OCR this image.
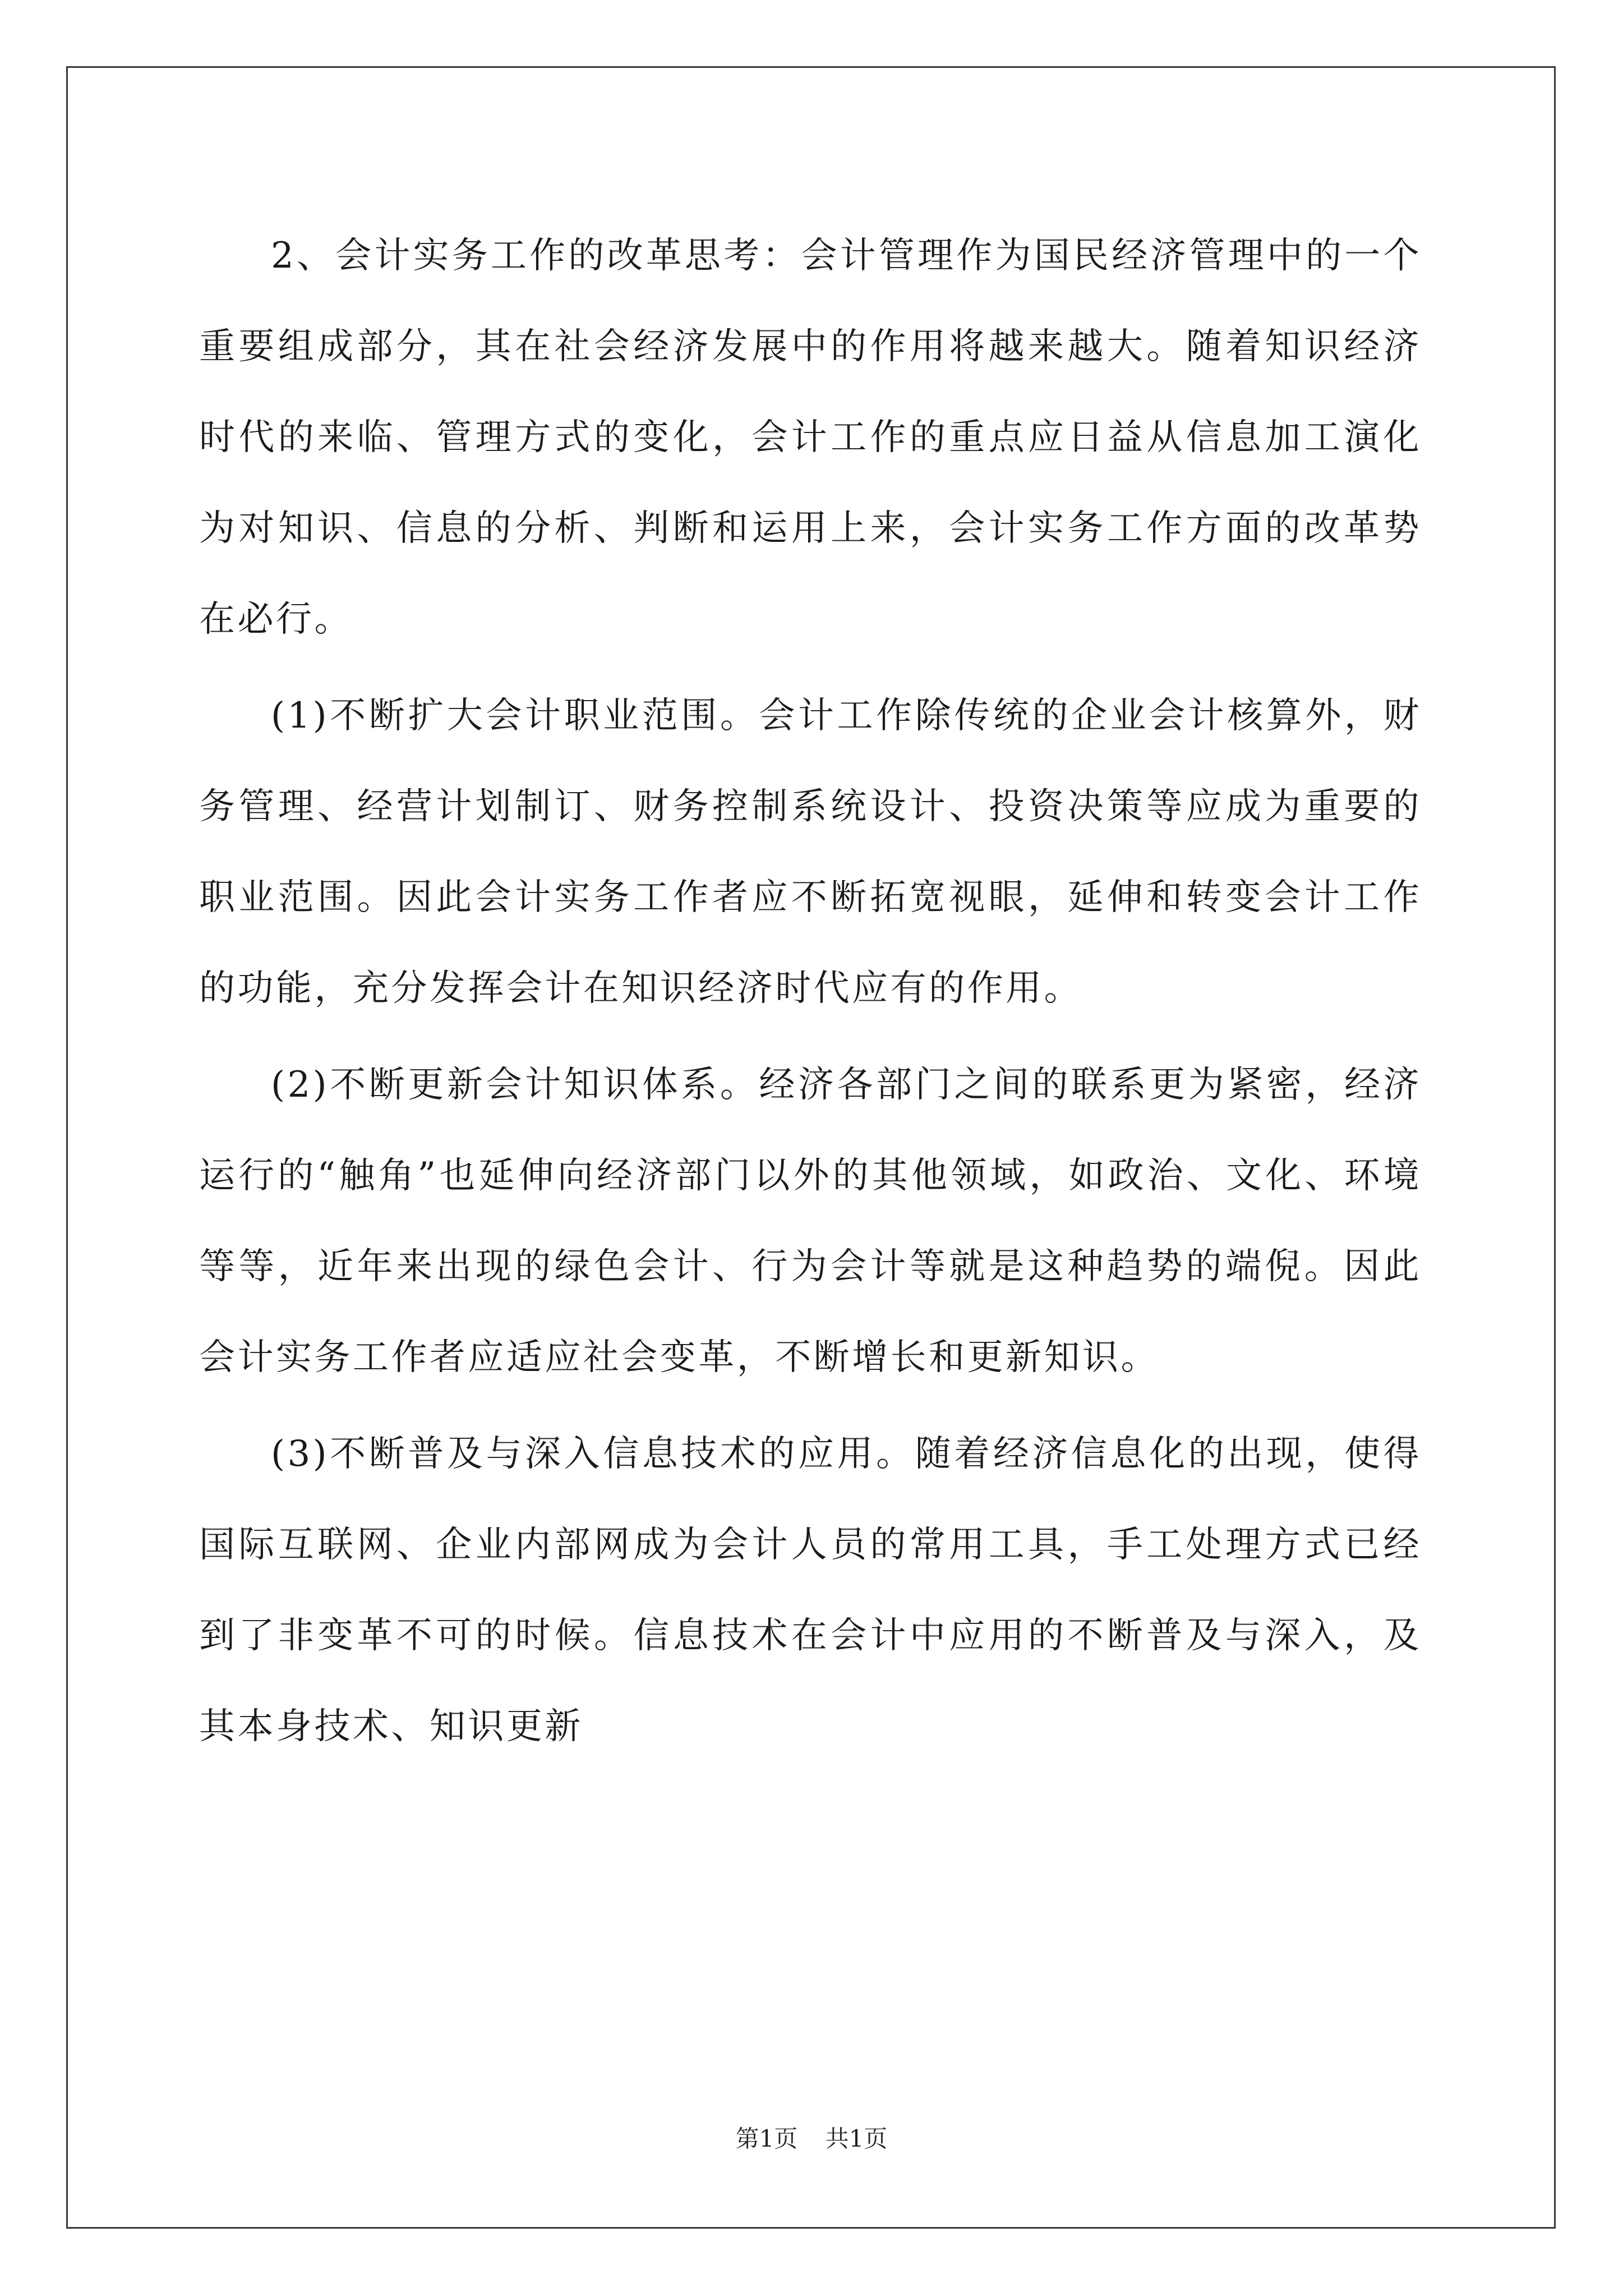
2、会计实务工作的改革思考：会计管理作为国民经济管理中的一个重要组成部分，其在社会经济发展中的作用将越来越大。随着知识经济时代的来临、管理方式的变化，会计工作的重点应日益从信息加工演化为对知识、信息的分析、判断和运用上来，会计实务工作方面的改革势在必行。

(1)不断扩大会计职业范围。会计工作除传统的企业会计核算外，财务管理、经营计划制订、财务控制系统设计、投资决策等应成为重要的职业范围。因此会计实务工作者应不断拓宽视眼，延伸和转变会计工作的功能，充分发挥会计在知识经济时代应有的作用。

(2)不断更新会计知识体系。经济各部门之间的联系更为紧密，经济运行的“触角”也延伸向经济部门以外的其他领域，如政治、文化、环境等等，近年来出现的绿色会计、行为会计等就是这种趋势的端倪。因此会计实务工作者应适应社会变革，不断增长和更新知识。

(3)不断普及与深入信息技术的应用。随着经济信息化的出现，使得国际互联网、企业内部网成为会计人员的常用工具，手工处理方式已经到了非变革不可的时候。信息技术在会计中应用的不断普及与深入，及其本身技术、知识更新

第1页 共1页
